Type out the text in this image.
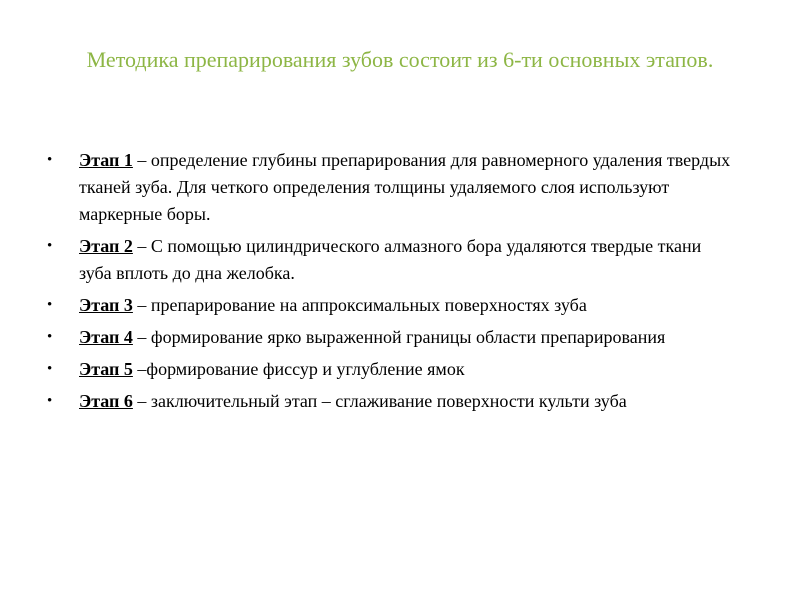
Методика препарирования зубов состоит из 6-ти основных этапов.
• Этап 1 – определение глубины препарирования для равномерного удаления твердых тканей зуба. Для четкого определения толщины удаляемого слоя используют маркерные боры.
• Этап 2 – С помощью цилиндрического алмазного бора удаляются твердые ткани зуба вплоть до дна желобка.
• Этап 3 – препарирование на аппроксимальных поверхностях зуба
• Этап 4 – формирование ярко выраженной границы области препарирования
• Этап 5 –формирование фиссур и углубление ямок
• Этап 6 – заключительный этап – сглаживание поверхности культи зуба
